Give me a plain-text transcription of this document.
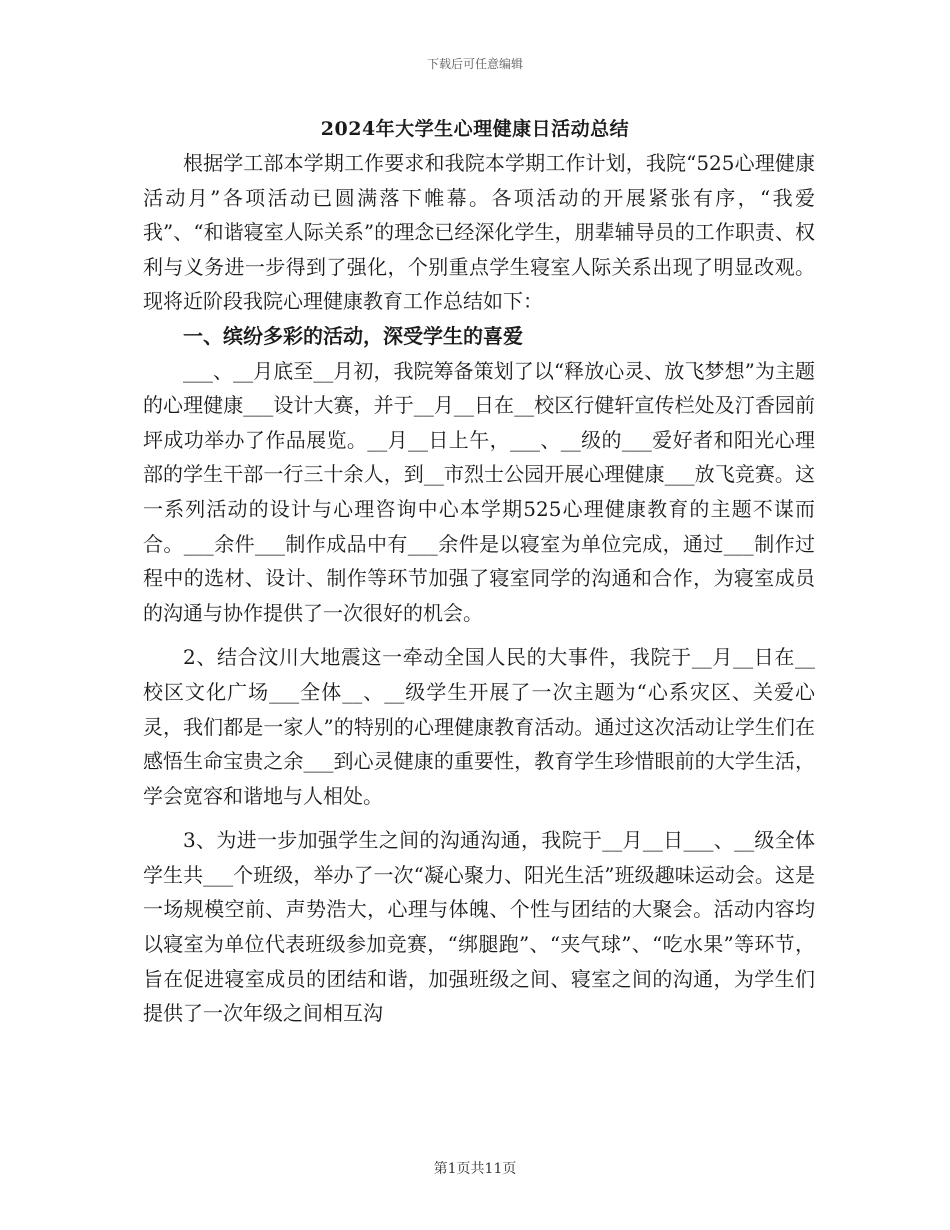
下载后可任意编辑
2024年大学生心理健康日活动总结

根据学工部本学期工作要求和我院本学期工作计划，我院“525心理健康活动月”各项活动已圆满落下帷幕。各项活动的开展紧张有序，“我爱我”、“和谐寝室人际关系”的理念已经深化学生，朋辈辅导员的工作职责、权利与义务进一步得到了强化，个别重点学生寝室人际关系出现了明显改观。现将近阶段我院心理健康教育工作总结如下：

一、缤纷多彩的活动，深受学生的喜爱

___、__月底至__月初，我院筹备策划了以“释放心灵、放飞梦想”为主题的心理健康___设计大赛，并于__月__日在__校区行健轩宣传栏处及汀香园前坪成功举办了作品展览。__月__日上午，___、__级的___爱好者和阳光心理部的学生干部一行三十余人，到__市烈士公园开展心理健康___放飞竞赛。这一系列活动的设计与心理咨询中心本学期525心理健康教育的主题不谋而合。___余件___制作成品中有___余件是以寝室为单位完成，通过___制作过程中的选材、设计、制作等环节加强了寝室同学的沟通和合作，为寝室成员的沟通与协作提供了一次很好的机会。

2、结合汶川大地震这一牵动全国人民的大事件，我院于__月__日在__校区文化广场___全体__、__级学生开展了一次主题为“心系灾区、关爱心灵，我们都是一家人”的特别的心理健康教育活动。通过这次活动让学生们在感悟生命宝贵之余___到心灵健康的重要性，教育学生珍惜眼前的大学生活，学会宽容和谐地与人相处。

3、为进一步加强学生之间的沟通沟通，我院于__月__日___、__级全体学生共___个班级，举办了一次“凝心聚力、阳光生活”班级趣味运动会。这是一场规模空前、声势浩大，心理与体魄、个性与团结的大聚会。活动内容均以寝室为单位代表班级参加竞赛，“绑腿跑”、“夹气球”、“吃水果”等环节，旨在促进寝室成员的团结和谐，加强班级之间、寝室之间的沟通，为学生们提供了一次年级之间相互沟

第1页共11页
